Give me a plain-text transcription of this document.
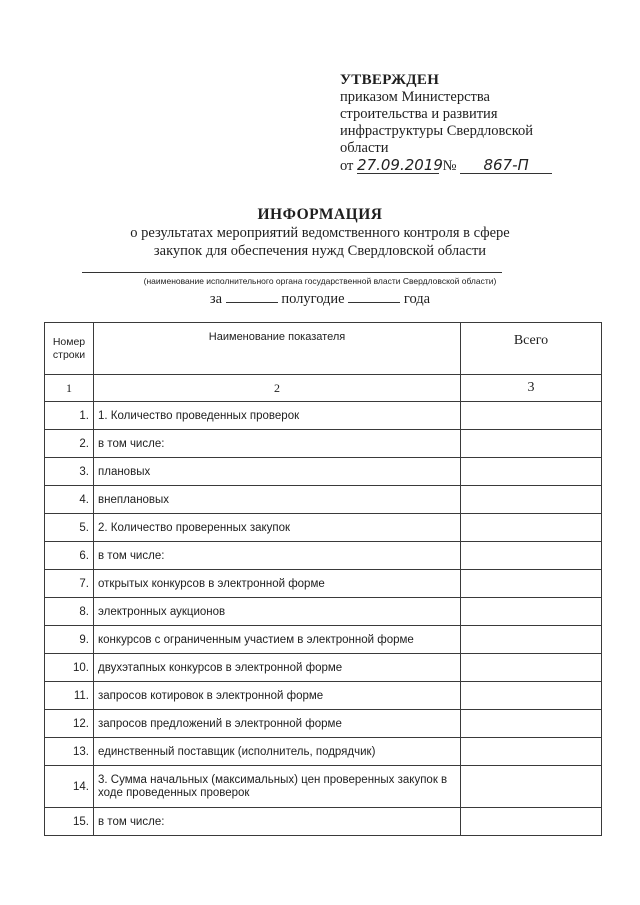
УТВЕРЖДЕН
приказом Министерства
строительства и развития
инфраструктуры Свердловской
области
от 27.09.2019 № 867-П
ИНФОРМАЦИЯ
о результатах мероприятий ведомственного контроля в сфере
закупок для обеспечения нужд Свердловской области
(наименование исполнительного органа государственной власти Свердловской области)
за	полугодие	года
Номер строки	Наименование показателя	Всего
1	2	3
1.	1. Количество проведенных проверок	
2.	в том числе:	
3.	плановых	
4.	внеплановых	
5.	2. Количество проверенных закупок	
6.	в том числе:	
7.	открытых конкурсов в электронной форме	
8.	электронных аукционов	
9.	конкурсов с ограниченным участием в электронной форме	
10.	двухэтапных конкурсов в электронной форме	
11.	запросов котировок в электронной форме	
12.	запросов предложений в электронной форме	
13.	единственный поставщик (исполнитель, подрядчик)	
14.	3. Сумма начальных (максимальных) цен проверенных закупок в ходе проведенных проверок	
15.	в том числе:	
